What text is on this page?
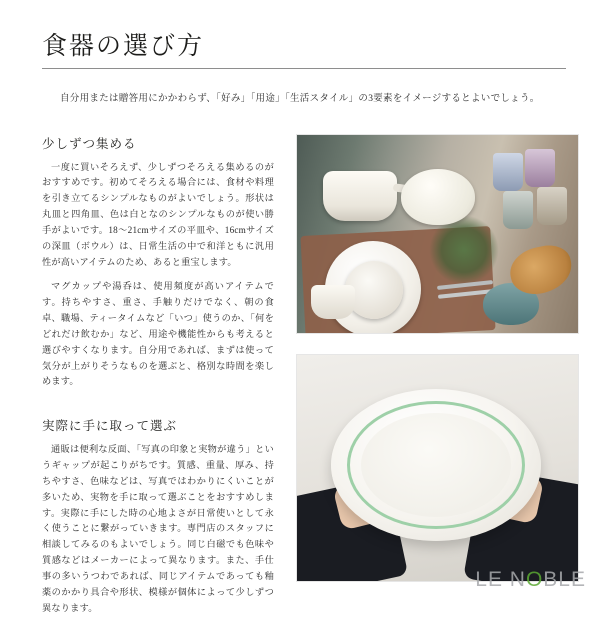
食器の選び方

自分用または贈答用にかかわらず、「好み」「用途」「生活スタイル」の3要素をイメージするとよいでしょう。

少しずつ集める

一度に買いそろえず、少しずつそろえる集めるのがおすすめです。初めてそろえる場合には、食材や料理を引き立てるシンプルなものがよいでしょう。形状は丸皿と四角皿、色は白となのシンプルなものが使い勝手がよいです。18～21cmサイズの平皿や、16cmサイズの深皿（ボウル）は、日常生活の中で和洋ともに汎用性が高いアイテムのため、あると重宝します。

マグカップや湯呑は、使用頻度が高いアイテムです。持ちやすさ、重さ、手触りだけでなく、朝の食卓、職場、ティータイムなど「いつ」使うのか、「何をどれだけ飲むか」など、用途や機能性からも考えると選びやすくなります。自分用であれば、まずは使って気分が上がりそうなものを選ぶと、格別な時間を楽しめます。

実際に手に取って選ぶ

通販は便利な反面、「写真の印象と実物が違う」というギャップが起こりがちです。質感、重量、厚み、持ちやすさ、色味などは、写真ではわかりにくいことが多いため、実物を手に取って選ぶことをおすすめします。実際に手にした時の心地よさが日常使いとして永く使うことに繋がっていきます。専門店のスタッフに相談してみるのもよいでしょう。同じ白磁でも色味や質感などはメーカーによって異なります。また、手仕事の多いうつわであれば、同じアイテムであっても釉薬のかかり具合や形状、模様が個体によって少しずつ異なります。

LE NOBLE
